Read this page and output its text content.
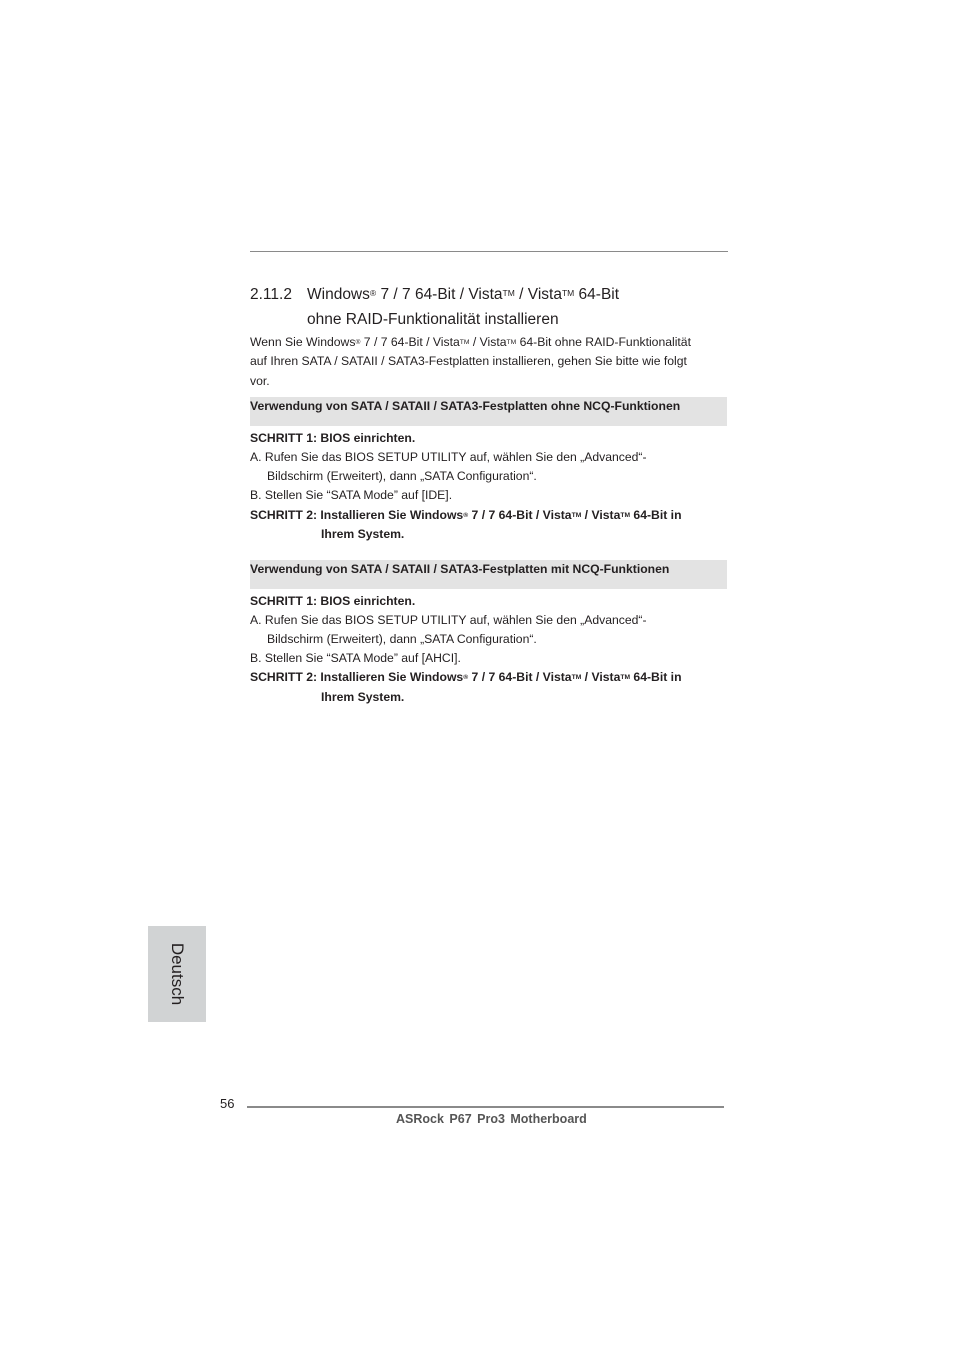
2.11.2 Windows® 7 / 7 64-Bit / Vista™ / Vista™ 64-Bit
ohne RAID-Funktionalität installieren
Wenn Sie Windows® 7 / 7 64-Bit / Vista™ / Vista™ 64-Bit ohne RAID-Funktionalität
auf Ihren SATA / SATAII / SATA3-Festplatten installieren, gehen Sie bitte wie folgt
vor.
Verwendung von SATA / SATAII / SATA3-Festplatten ohne NCQ-Funktionen
SCHRITT 1: BIOS einrichten.
A. Rufen Sie das BIOS SETUP UTILITY auf, wählen Sie den „Advanced“-
Bildschirm (Erweitert), dann „SATA Configuration“.
B. Stellen Sie “SATA Mode” auf [IDE].
SCHRITT 2: Installieren Sie Windows® 7 / 7 64-Bit / Vista™ / Vista™ 64-Bit in
Ihrem System.
Verwendung von SATA / SATAII / SATA3-Festplatten mit NCQ-Funktionen
SCHRITT 1: BIOS einrichten.
A. Rufen Sie das BIOS SETUP UTILITY auf, wählen Sie den „Advanced“-
Bildschirm (Erweitert), dann „SATA Configuration“.
B. Stellen Sie “SATA Mode” auf [AHCI].
SCHRITT 2: Installieren Sie Windows® 7 / 7 64-Bit / Vista™ / Vista™ 64-Bit in
Ihrem System.
Deutsch
56
ASRock P67 Pro3 Motherboard
